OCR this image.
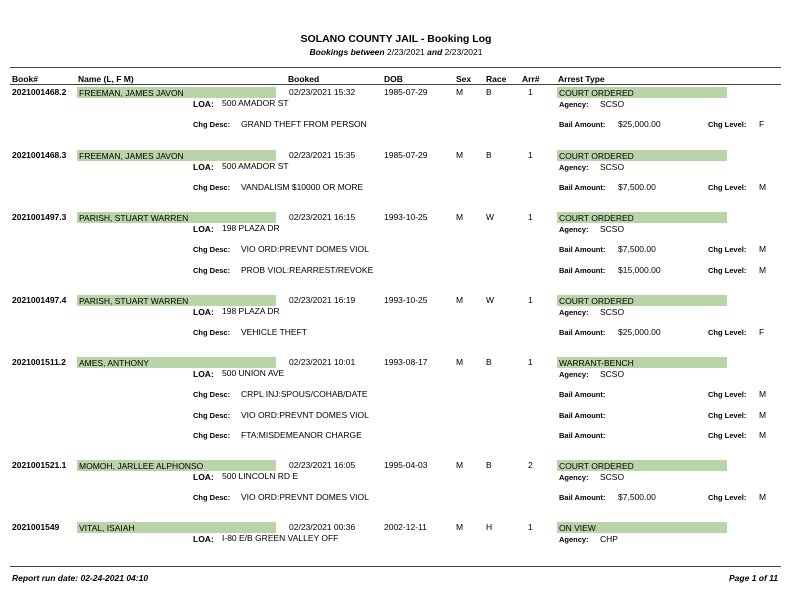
SOLANO COUNTY JAIL - Booking Log
Bookings between 2/23/2021 and 2/23/2021
Book#	Name (L, F M)	Booked	DOB	Sex Race Arr# Arrest Type
2021001468.2 FREEMAN, JAMES JAVON	02/23/2021 15:32	1985-07-29	M	B	1	COURT ORDERED
LOA: 500 AMADOR ST	Agency: SCSO
Chg Desc: GRAND THEFT FROM PERSON	Bail Amount: $25,000.00	Chg Level: F
2021001468.3 FREEMAN, JAMES JAVON	02/23/2021 15:35	1985-07-29	M	B	1	COURT ORDERED
LOA: 500 AMADOR ST	Agency: SCSO
Chg Desc: VANDALISM $10000 OR MORE	Bail Amount: $7,500.00	Chg Level: M
2021001497.3 PARISH, STUART WARREN	02/23/2021 16:15	1993-10-25	M	W	1	COURT ORDERED
LOA: 198 PLAZA DR	Agency: SCSO
Chg Desc: VIO ORD:PREVNT DOMES VIOL	Bail Amount: $7,500.00	Chg Level: M
Chg Desc: PROB VIOL:REARREST/REVOKE	Bail Amount: $15,000.00	Chg Level: M
2021001497.4 PARISH, STUART WARREN	02/23/2021 16:19	1993-10-25	M	W	1	COURT ORDERED
LOA: 198 PLAZA DR	Agency: SCSO
Chg Desc: VEHICLE THEFT	Bail Amount: $25,000.00	Chg Level: F
2021001511.2 AMES, ANTHONY	02/23/2021 10:01	1993-08-17	M	B	1	WARRANT-BENCH
LOA: 500 UNION AVE	Agency: SCSO
Chg Desc: CRPL INJ:SPOUS/COHAB/DATE	Bail Amount:	Chg Level: M
Chg Desc: VIO ORD:PREVNT DOMES VIOL	Bail Amount:	Chg Level: M
Chg Desc: FTA:MISDEMEANOR CHARGE	Bail Amount:	Chg Level: M
2021001521.1 MOMOH, JARLLEE ALPHONSO	02/23/2021 16:05	1995-04-03	M	B	2	COURT ORDERED
LOA: 500 LINCOLN RD E	Agency: SCSO
Chg Desc: VIO ORD:PREVNT DOMES VIOL	Bail Amount: $7,500.00	Chg Level: M
2021001549 VITAL, ISAIAH	02/23/2021 00:36	2002-12-11	M	H	1	ON VIEW
LOA: I-80 E/B GREEN VALLEY OFF	Agency: CHP
Report run date: 02-24-2021 04:10	Page 1 of 11
